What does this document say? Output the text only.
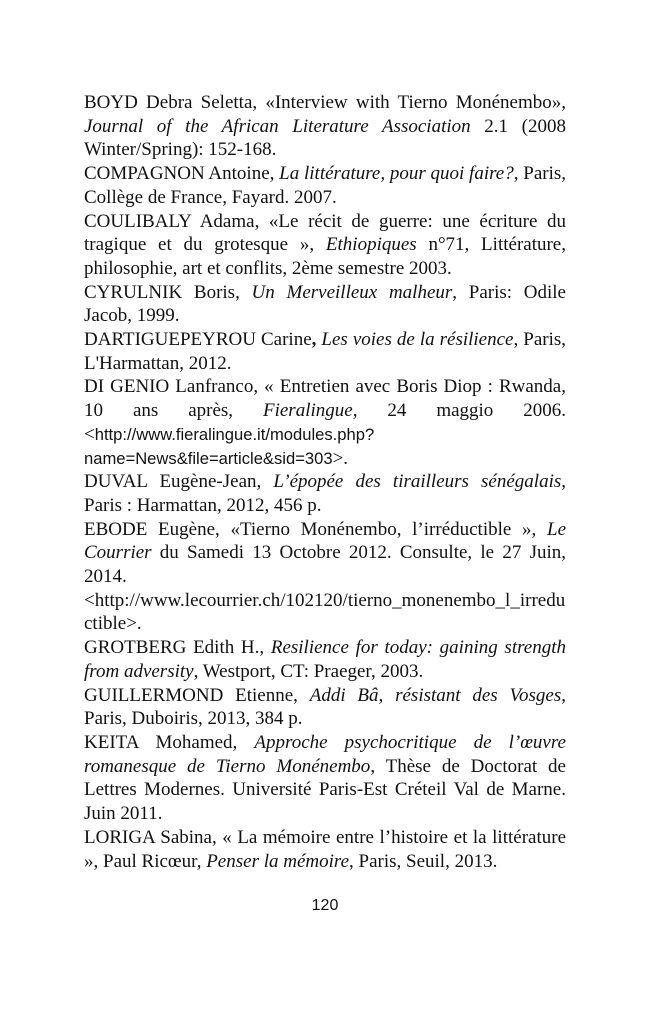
BOYD Debra Seletta, «Interview with Tierno Monénembo», Journal of the African Literature Association 2.1 (2008 Winter/Spring): 152-168.

COMPAGNON Antoine, La littérature, pour quoi faire?, Paris, Collège de France, Fayard. 2007.

COULIBALY Adama, «Le récit de guerre: une écriture du tragique et du grotesque », Ethiopiques n°71, Littérature, philosophie, art et conflits, 2ème semestre 2003.

CYRULNIK Boris, Un Merveilleux malheur, Paris: Odile Jacob, 1999.

DARTIGUEPEYROU Carine, Les voies de la résilience, Paris, L'Harmattan, 2012.

DI GENIO Lanfranco, « Entretien avec Boris Diop : Rwanda, 10 ans après, Fieralingue, 24 maggio 2006. <http://www.fieralingue.it/modules.php?name=News&file=article&sid=303>.

DUVAL Eugène-Jean, L’épopée des tirailleurs sénégalais, Paris : Harmattan, 2012, 456 p.

EBODE Eugène, «Tierno Monénembo, l’irréductible », Le Courrier du Samedi 13 Octobre 2012. Consulte, le 27 Juin, 2014. <http://www.lecourrier.ch/102120/tierno_monenembo_l_irreductible>.

GROTBERG Edith H., Resilience for today: gaining strength from adversity, Westport, CT: Praeger, 2003.

GUILLERMOND Etienne, Addi Bâ, résistant des Vosges, Paris, Duboiris, 2013, 384 p.

KEITA Mohamed, Approche psychocritique de l’œuvre romanesque de Tierno Monénembo, Thèse de Doctorat de Lettres Modernes. Université Paris-Est Créteil Val de Marne. Juin 2011.

LORIGA Sabina, « La mémoire entre l’histoire et la littérature », Paul Ricœur, Penser la mémoire, Paris, Seuil, 2013.

120
